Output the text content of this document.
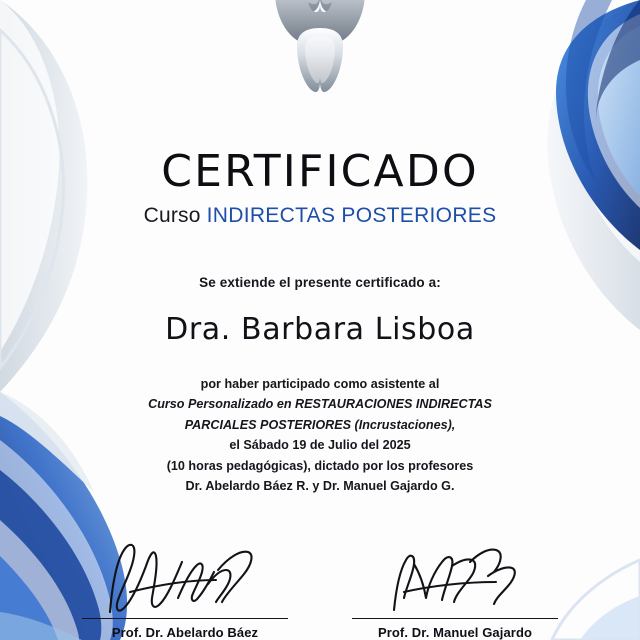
CERTIFICADO
Curso INDIRECTAS POSTERIORES
Se extiende el presente certificado a:
Dra. Barbara Lisboa
por haber participado como asistente al
Curso Personalizado en RESTAURACIONES INDIRECTAS
PARCIALES POSTERIORES (Incrustaciones),
el Sábado 19 de Julio del 2025
(10 horas pedagógicas), dictado por los profesores
Dr. Abelardo Báez R. y Dr. Manuel Gajardo G.
Prof. Dr. Abelardo Báez	Prof. Dr. Manuel Gajardo
